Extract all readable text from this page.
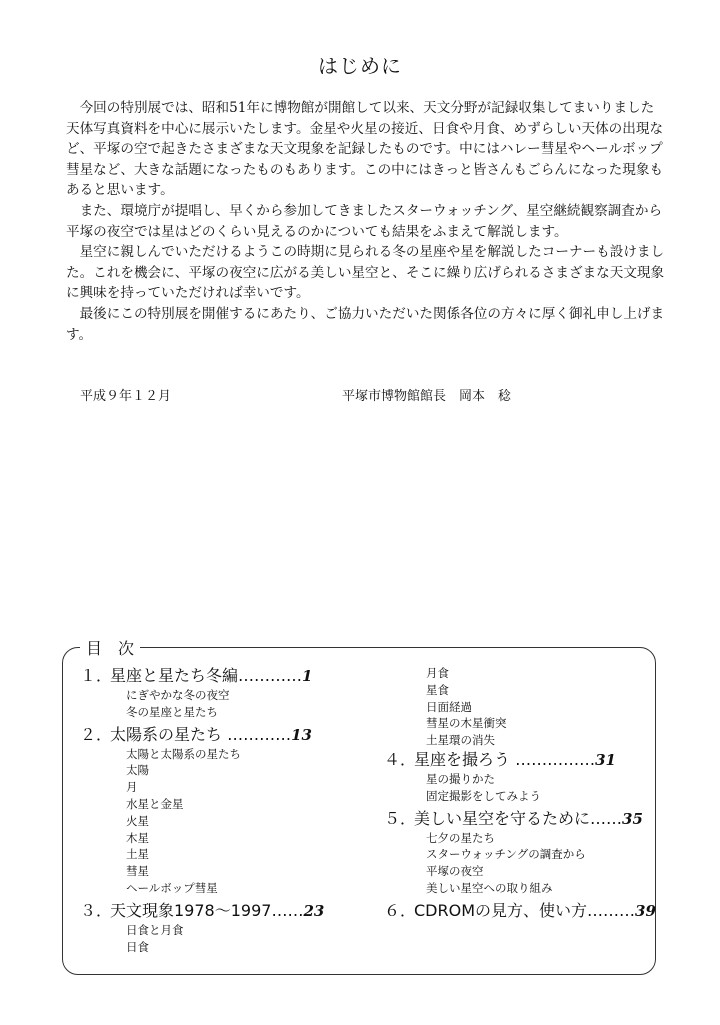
はじめに

今回の特別展では、昭和51年に博物館が開館して以来、天文分野が記録収集してまいりました天体写真資料を中心に展示いたします。金星や火星の接近、日食や月食、めずらしい天体の出現など、平塚の空で起きたさまざまな天文現象を記録したものです。中にはハレー彗星やヘールボップ彗星など、大きな話題になったものもあります。この中にはきっと皆さんもごらんになった現象もあると思います。

また、環境庁が提唱し、早くから参加してきましたスターウォッチング、星空継続観察調査から平塚の夜空では星はどのくらい見えるのかについても結果をふまえて解説します。

星空に親しんでいただけるようこの時期に見られる冬の星座や星を解説したコーナーも設けました。これを機会に、平塚の夜空に広がる美しい星空と、そこに繰り広げられるさまざまな天文現象に興味を持っていただければ幸いです。

最後にこの特別展を開催するにあたり、ご協力いただいた関係各位の方々に厚く御礼申し上げます。

平成９年１２月	平塚市博物館館長　岡本　稔
目　次
１．星座と星たち冬編…………1
にぎやかな冬の夜空
冬の星座と星たち
２．太陽系の星たち …………13
太陽と太陽系の星たち
太陽
月
水星と金星
火星
木星
土星
彗星
ヘールボップ彗星
３．天文現象1978～1997……23
日食と月食
日食
月食
星食
日面経過
彗星の木星衝突
土星環の消失
４．星座を撮ろう ……………31
星の撮りかた
固定撮影をしてみよう
５．美しい星空を守るために……35
七夕の星たち
スターウォッチングの調査から
平塚の夜空
美しい星空への取り組み
６．CDROMの見方、使い方………39
